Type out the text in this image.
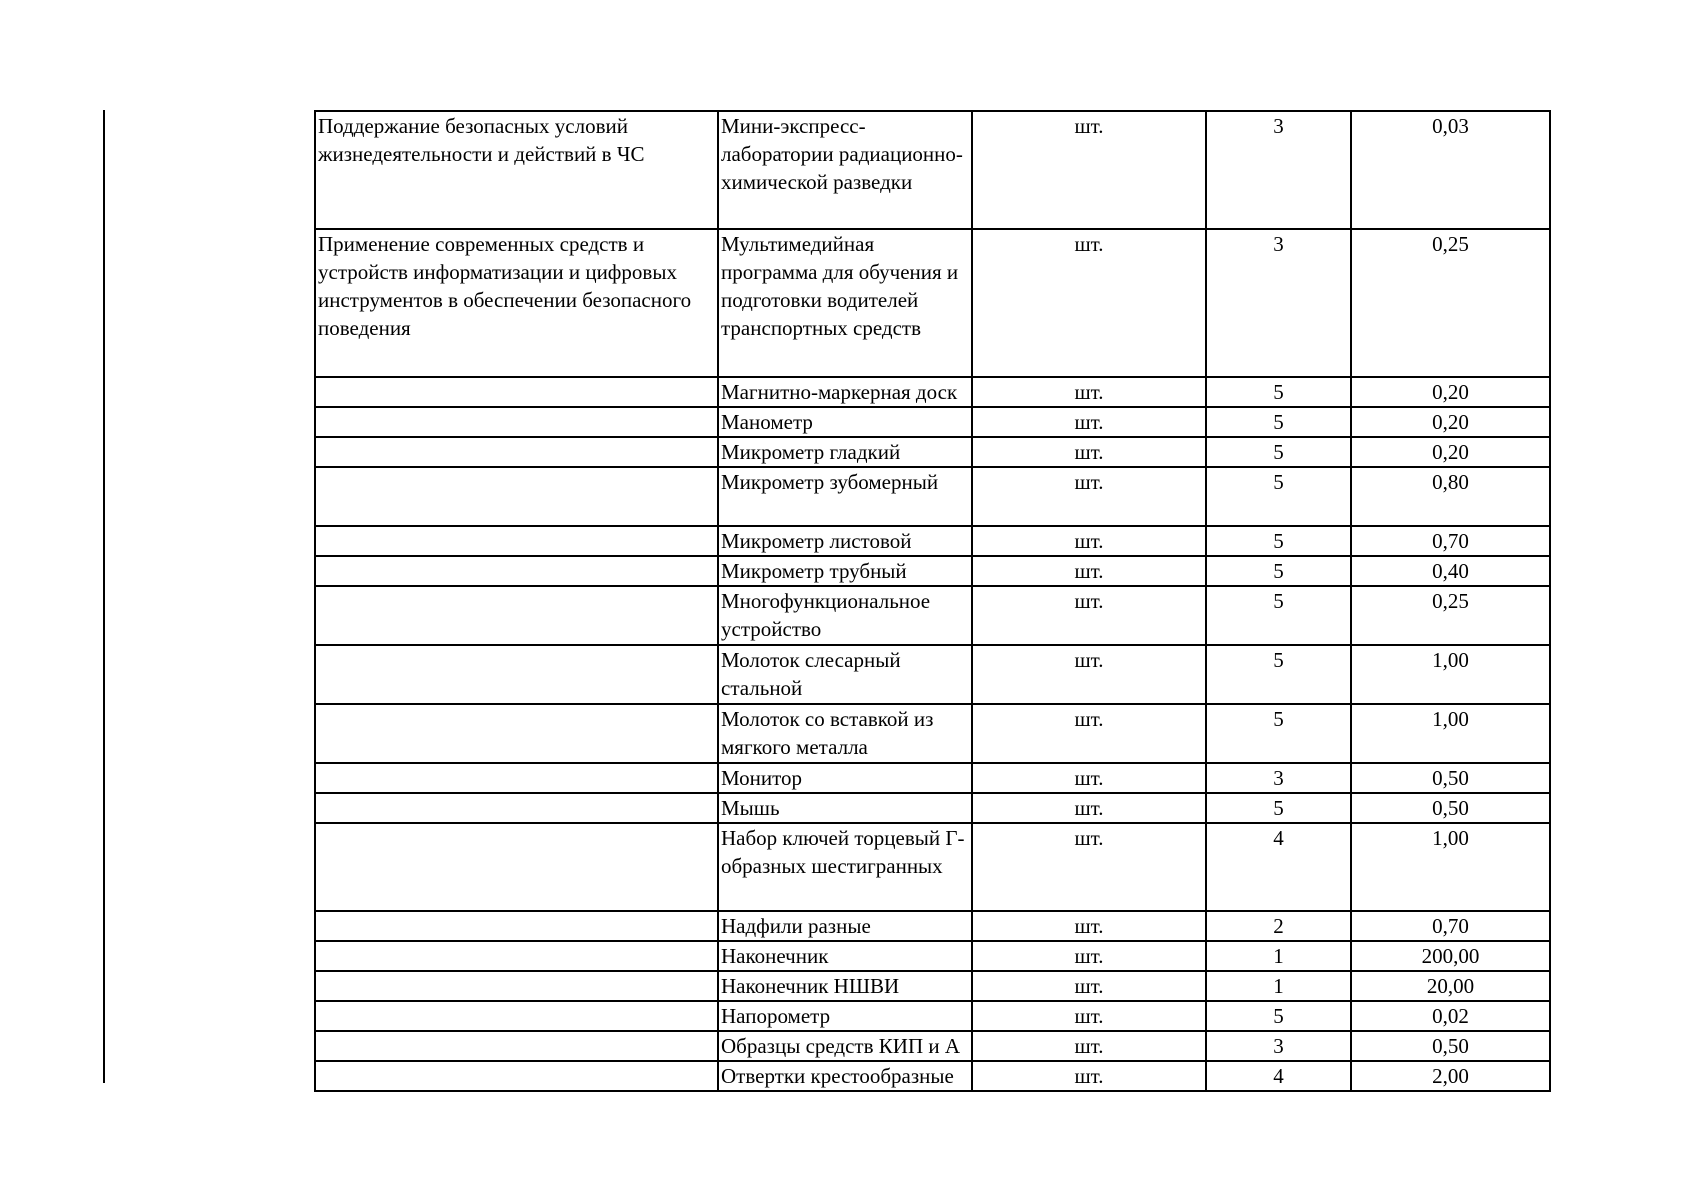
Поддержание безопасных условий жизнедеятельности и действий в ЧС	Мини-экспресс-лаборатории радиационно-химической разведки	шт.	3	0,03
Применение современных средств и устройств информатизации и цифровых инструментов в обеспечении безопасного поведения	Мультимедийная программа для обучения и подготовки водителей транспортных средств	шт.	3	0,25
	Магнитно-маркерная доск	шт.	5	0,20
	Манометр	шт.	5	0,20
	Микрометр гладкий	шт.	5	0,20
	Микрометр зубомерный	шт.	5	0,80
	Микрометр листовой	шт.	5	0,70
	Микрометр трубный	шт.	5	0,40
	Многофункциональное устройство	шт.	5	0,25
	Молоток слесарный стальной	шт.	5	1,00
	Молоток со вставкой из мягкого металла	шт.	5	1,00
	Монитор	шт.	3	0,50
	Мышь	шт.	5	0,50
	Набор ключей торцевый Г-образных шестигранных	шт.	4	1,00
	Надфили разные	шт.	2	0,70
	Наконечник	шт.	1	200,00
	Наконечник НШВИ	шт.	1	20,00
	Напорометр	шт.	5	0,02
	Образцы средств КИП и А	шт.	3	0,50
	Отвертки крестообразные	шт.	4	2,00
